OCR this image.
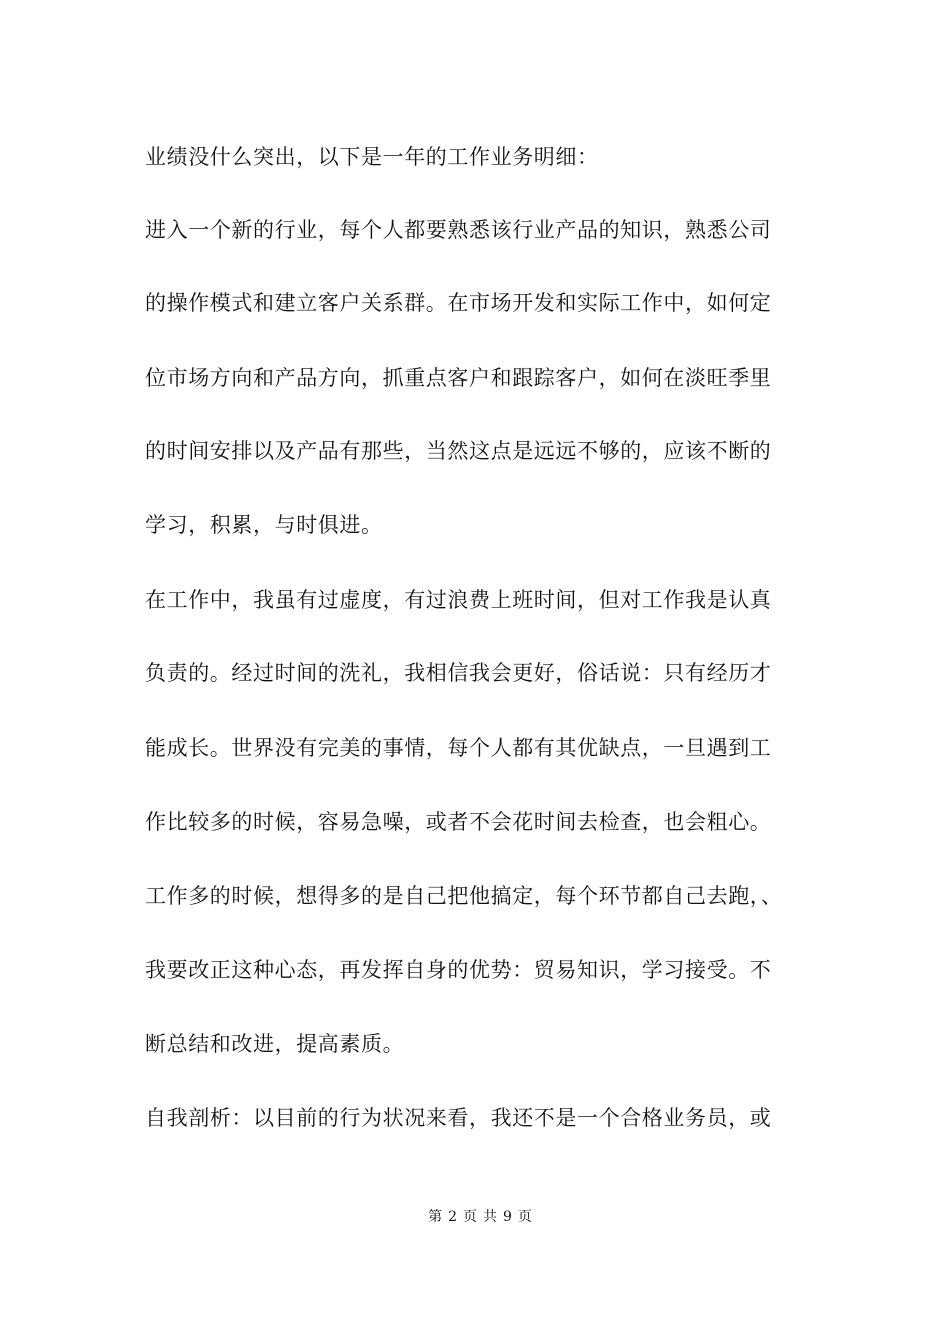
业绩没什么突出，以下是一年的工作业务明细：
进入一个新的行业，每个人都要熟悉该行业产品的知识，熟悉公司
的操作模式和建立客户关系群。在市场开发和实际工作中，如何定
位市场方向和产品方向，抓重点客户和跟踪客户，如何在淡旺季里
的时间安排以及产品有那些，当然这点是远远不够的，应该不断的
学习，积累，与时俱进。
在工作中，我虽有过虚度，有过浪费上班时间，但对工作我是认真
负责的。经过时间的洗礼，我相信我会更好，俗话说：只有经历才
能成长。世界没有完美的事情，每个人都有其优缺点，一旦遇到工
作比较多的时候，容易急噪，或者不会花时间去检查，也会粗心。
工作多的时候，想得多的是自己把他搞定，每个环节都自己去跑，、
我要改正这种心态，再发挥自身的优势：贸易知识，学习接受。不
断总结和改进，提高素质。
自我剖析：以目前的行为状况来看，我还不是一个合格业务员，或
第 2 页 共 9 页
